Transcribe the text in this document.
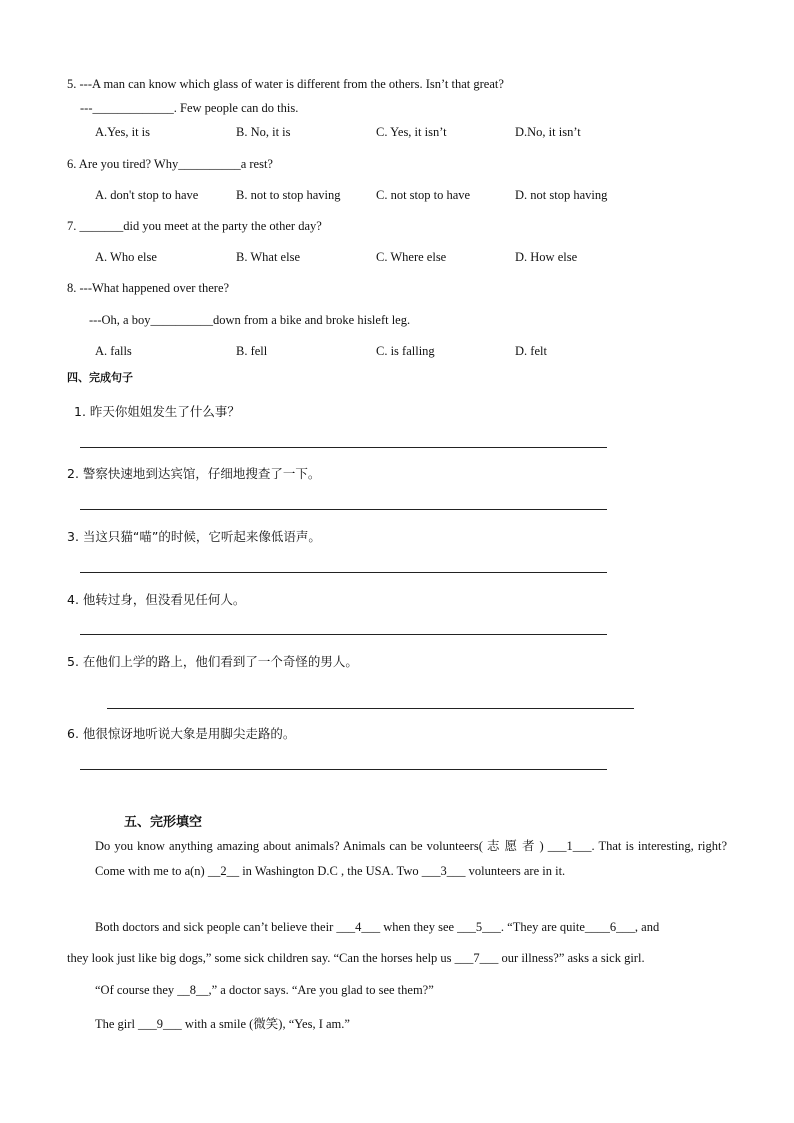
5. ---A man can know which glass of water is different from the others. Isn’t that great?
---_____________. Few people can do this.
A.Yes, it is	B. No, it is	C. Yes, it isn’t	D.No, it isn’t
6. Are you tired? Why__________a rest?
A. don't stop to have	B. not to stop having	C. not stop to have	D. not stop having
7. _______did you meet at the party the other day?
A. Who else	B. What else	C. Where else	D. How else
8. ---What happened over there?
---Oh, a boy__________down from a bike and broke hisleft leg.
A. falls	B. fell	C. is falling	D. felt
四、完成句子
1. 昨天你姐姐发生了什么事？
2. 警察快速地到达宾馆，仔细地搜查了一下。
3. 当这只猫“喵”的时候，它听起来像低语声。
4. 他转过身，但没看见任何人。
5. 在他们上学的路上，他们看到了一个奇怪的男人。
6. 他很惊讶地听说大象是用脚尖走路的。
五、完形填空
Do you know anything amazing about animals? Animals can be volunteers( 志 愿 者 ) ___1___. That is interesting, right? Come with me to a(n) __2__ in Washington D.C , the USA. Two ___3___ volunteers are in it.
Both doctors and sick people can’t believe their ___4___ when they see ___5___. “They are quite____6___, and
they look just like big dogs,” some sick children say. “Can the horses help us ___7___ our illness?” asks a sick girl.
“Of course they __8__,” a doctor says. “Are you glad to see them?”
The girl ___9___ with a smile (微笑), “Yes, I am.”
